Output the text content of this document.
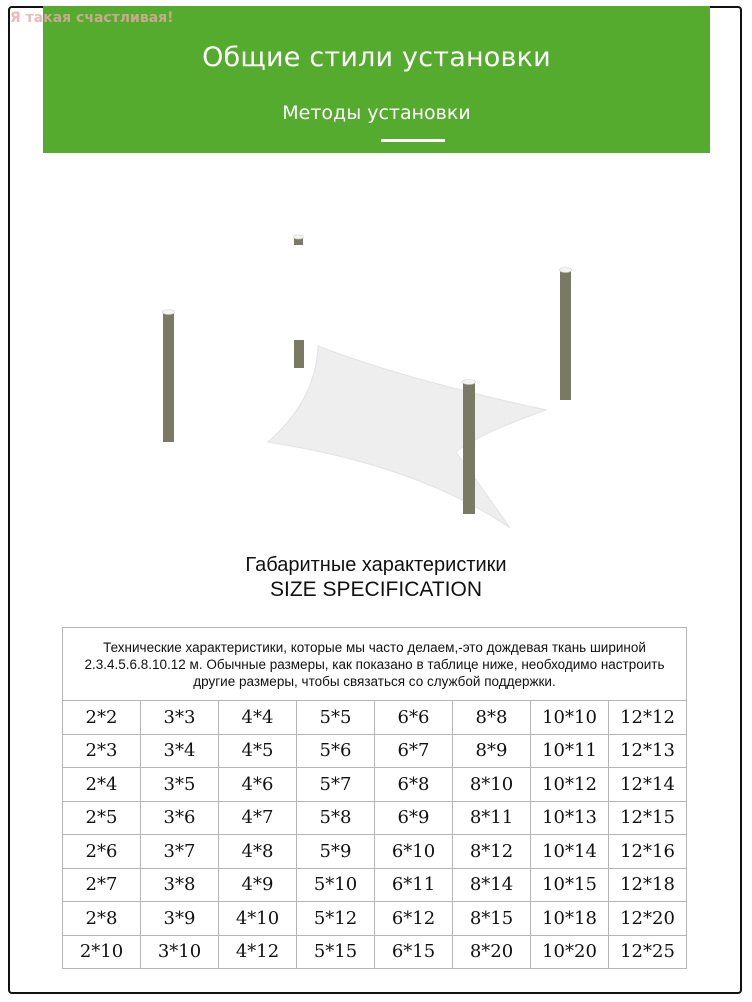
Общие стили установки
Методы установки
Я такая счастливая!
Габаритные характеристики
SIZE SPECIFICATION
Технические характеристики, которые мы часто делаем,-это дождевая ткань шириной 2.3.4.5.6.8.10.12 м. Обычные размеры, как показано в таблице ниже, необходимо настроить другие размеры, чтобы связаться со службой поддержки.							
2*2	3*3	4*4	5*5	6*6	8*8	10*10	12*12
2*3	3*4	4*5	5*6	6*7	8*9	10*11	12*13
2*4	3*5	4*6	5*7	6*8	8*10	10*12	12*14
2*5	3*6	4*7	5*8	6*9	8*11	10*13	12*15
2*6	3*7	4*8	5*9	6*10	8*12	10*14	12*16
2*7	3*8	4*9	5*10	6*11	8*14	10*15	12*18
2*8	3*9	4*10	5*12	6*12	8*15	10*18	12*20
2*10	3*10	4*12	5*15	6*15	8*20	10*20	12*25
